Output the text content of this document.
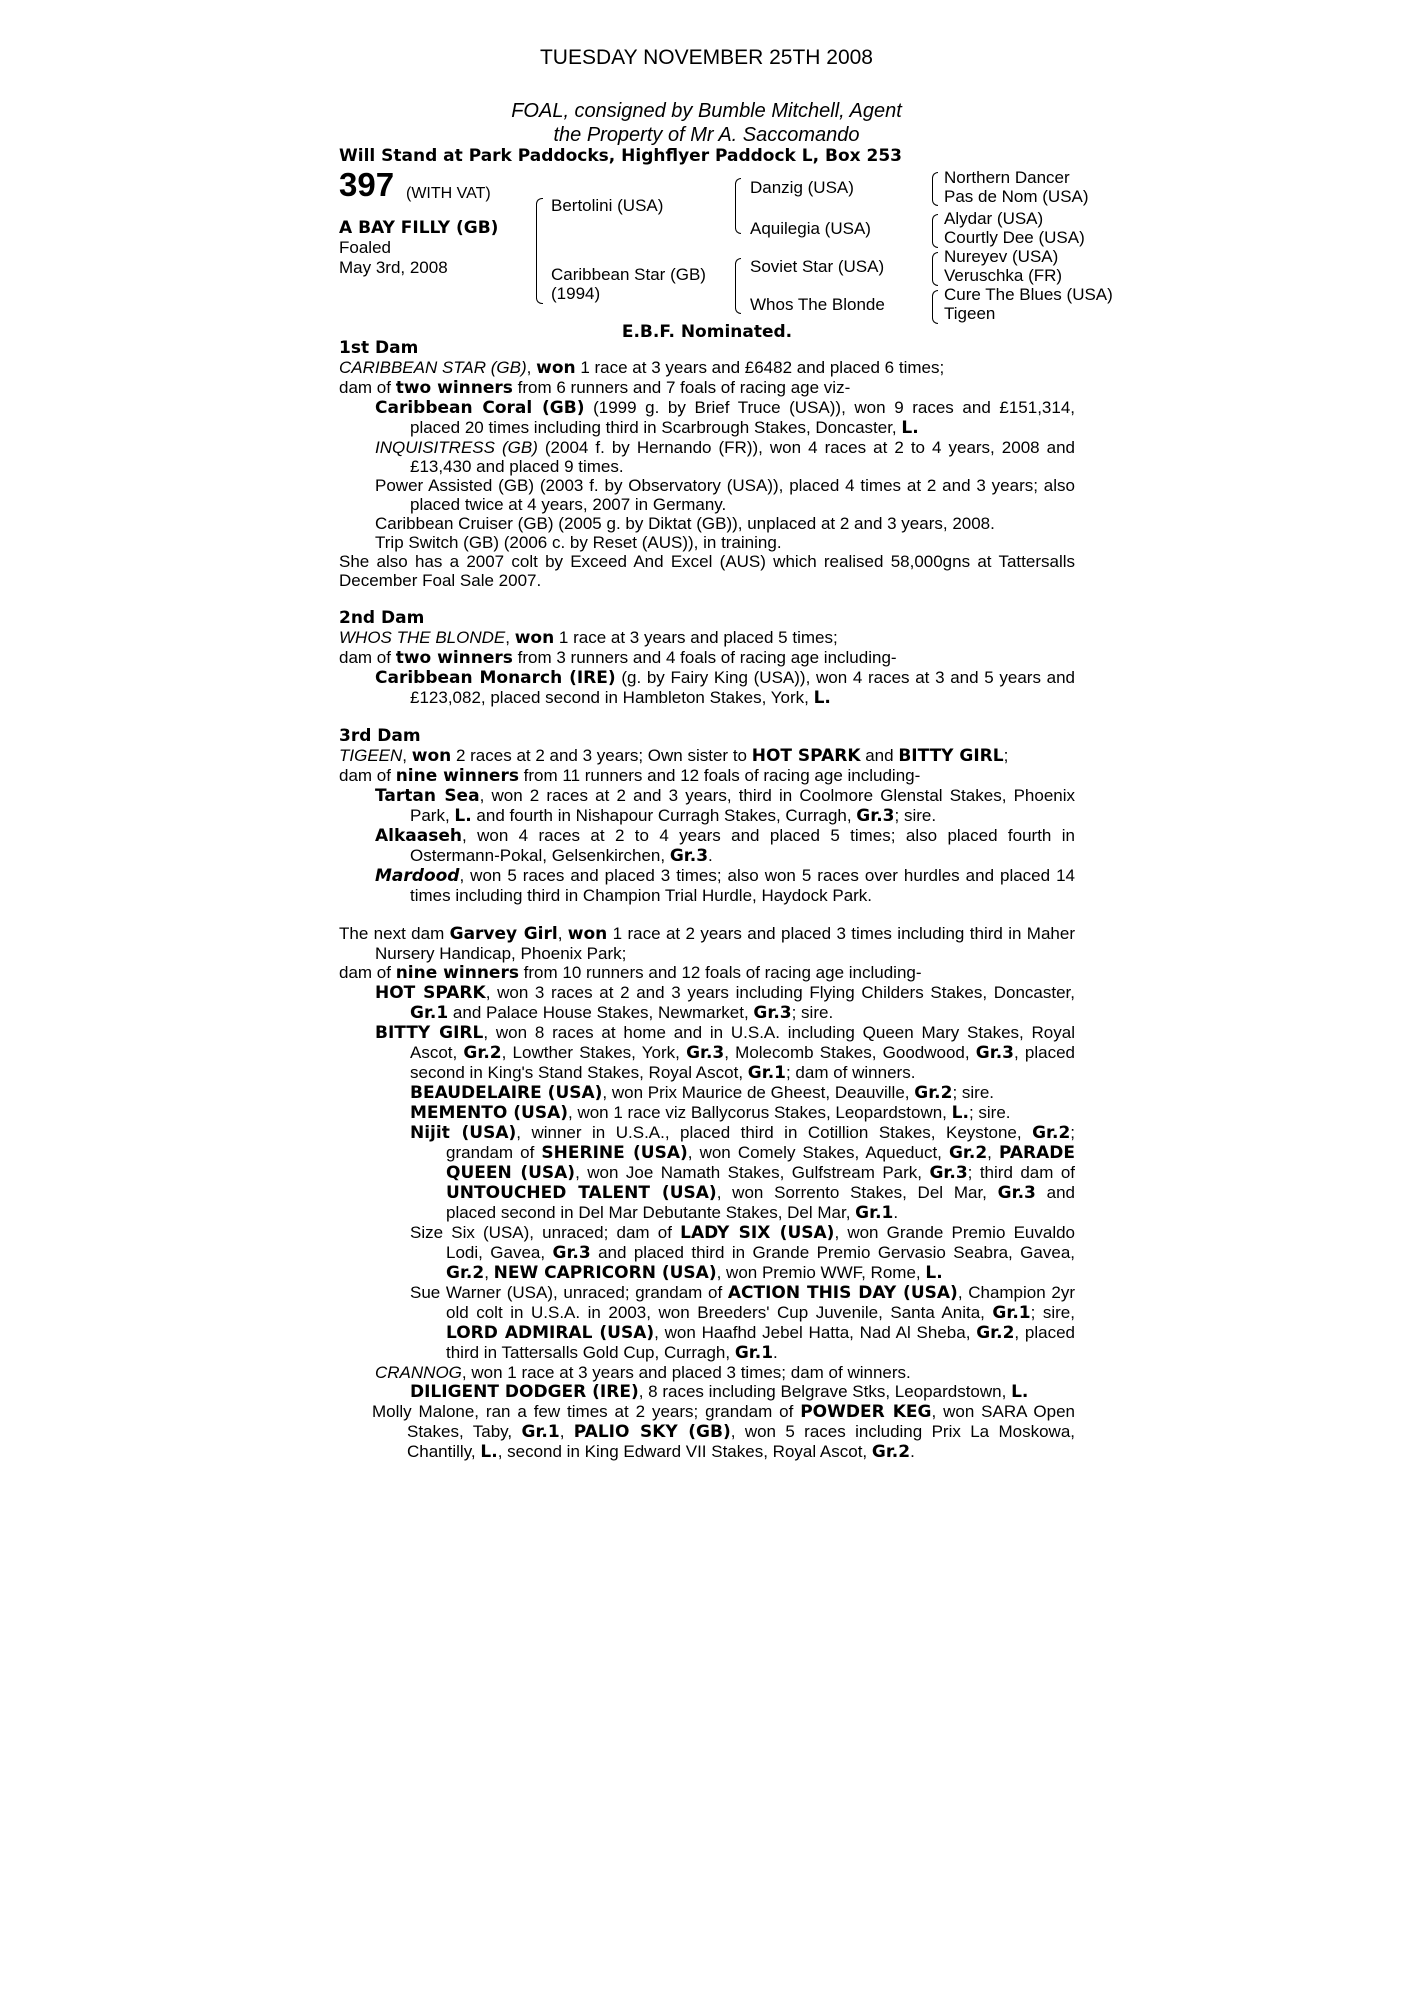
TUESDAY NOVEMBER 25TH 2008
FOAL, consigned by Bumble Mitchell, Agent
the Property of Mr A. Saccomando
Will Stand at Park Paddocks, Highflyer Paddock L, Box 253
397 (WITH VAT)
A BAY FILLY (GB)
Foaled
May 3rd, 2008
Bertolini (USA)
Caribbean Star (GB)
(1994)
Danzig (USA)
Aquilegia (USA)
Soviet Star (USA)
Whos The Blonde
Northern Dancer
Pas de Nom (USA)
Alydar (USA)
Courtly Dee (USA)
Nureyev (USA)
Veruschka (FR)
Cure The Blues (USA)
Tigeen
E.B.F. Nominated.

1st Dam

CARIBBEAN STAR (GB), won 1 race at 3 years and £6482 and placed 6 times;

dam of two winners from 6 runners and 7 foals of racing age viz-

Caribbean Coral (GB) (1999 g. by Brief Truce (USA)), won 9 races and £151,314, placed 20 times including third in Scarbrough Stakes, Doncaster, L.

INQUISITRESS (GB) (2004 f. by Hernando (FR)), won 4 races at 2 to 4 years, 2008 and £13,430 and placed 9 times.

Power Assisted (GB) (2003 f. by Observatory (USA)), placed 4 times at 2 and 3 years; also placed twice at 4 years, 2007 in Germany.

Caribbean Cruiser (GB) (2005 g. by Diktat (GB)), unplaced at 2 and 3 years, 2008.

Trip Switch (GB) (2006 c. by Reset (AUS)), in training.

She also has a 2007 colt by Exceed And Excel (AUS) which realised 58,000gns at Tattersalls December Foal Sale 2007.

2nd Dam

WHOS THE BLONDE, won 1 race at 3 years and placed 5 times;

dam of two winners from 3 runners and 4 foals of racing age including-

Caribbean Monarch (IRE) (g. by Fairy King (USA)), won 4 races at 3 and 5 years and £123,082, placed second in Hambleton Stakes, York, L.

3rd Dam

TIGEEN, won 2 races at 2 and 3 years; Own sister to HOT SPARK and BITTY GIRL;

dam of nine winners from 11 runners and 12 foals of racing age including-

Tartan Sea, won 2 races at 2 and 3 years, third in Coolmore Glenstal Stakes, Phoenix Park, L. and fourth in Nishapour Curragh Stakes, Curragh, Gr.3; sire.

Alkaaseh, won 4 races at 2 to 4 years and placed 5 times; also placed fourth in Ostermann-Pokal, Gelsenkirchen, Gr.3.

Mardood, won 5 races and placed 3 times; also won 5 races over hurdles and placed 14 times including third in Champion Trial Hurdle, Haydock Park.

The next dam Garvey Girl, won 1 race at 2 years and placed 3 times including third in Maher Nursery Handicap, Phoenix Park;

dam of nine winners from 10 runners and 12 foals of racing age including-

HOT SPARK, won 3 races at 2 and 3 years including Flying Childers Stakes, Doncaster, Gr.1 and Palace House Stakes, Newmarket, Gr.3; sire.

BITTY GIRL, won 8 races at home and in U.S.A. including Queen Mary Stakes, Royal Ascot, Gr.2, Lowther Stakes, York, Gr.3, Molecomb Stakes, Goodwood, Gr.3, placed second in King's Stand Stakes, Royal Ascot, Gr.1; dam of winners.

BEAUDELAIRE (USA), won Prix Maurice de Gheest, Deauville, Gr.2; sire.

MEMENTO (USA), won 1 race viz Ballycorus Stakes, Leopardstown, L.; sire.

Nijit (USA), winner in U.S.A., placed third in Cotillion Stakes, Keystone, Gr.2; grandam of SHERINE (USA), won Comely Stakes, Aqueduct, Gr.2, PARADE QUEEN (USA), won Joe Namath Stakes, Gulfstream Park, Gr.3; third dam of UNTOUCHED TALENT (USA), won Sorrento Stakes, Del Mar, Gr.3 and placed second in Del Mar Debutante Stakes, Del Mar, Gr.1.

Size Six (USA), unraced; dam of LADY SIX (USA), won Grande Premio Euvaldo Lodi, Gavea, Gr.3 and placed third in Grande Premio Gervasio Seabra, Gavea, Gr.2, NEW CAPRICORN (USA), won Premio WWF, Rome, L.

Sue Warner (USA), unraced; grandam of ACTION THIS DAY (USA), Champion 2yr old colt in U.S.A. in 2003, won Breeders' Cup Juvenile, Santa Anita, Gr.1; sire, LORD ADMIRAL (USA), won Haafhd Jebel Hatta, Nad Al Sheba, Gr.2, placed third in Tattersalls Gold Cup, Curragh, Gr.1.

CRANNOG, won 1 race at 3 years and placed 3 times; dam of winners.

DILIGENT DODGER (IRE), 8 races including Belgrave Stks, Leopardstown, L.

Molly Malone, ran a few times at 2 years; grandam of POWDER KEG, won SARA Open Stakes, Taby, Gr.1, PALIO SKY (GB), won 5 races including Prix La Moskowa, Chantilly, L., second in King Edward VII Stakes, Royal Ascot, Gr.2.
